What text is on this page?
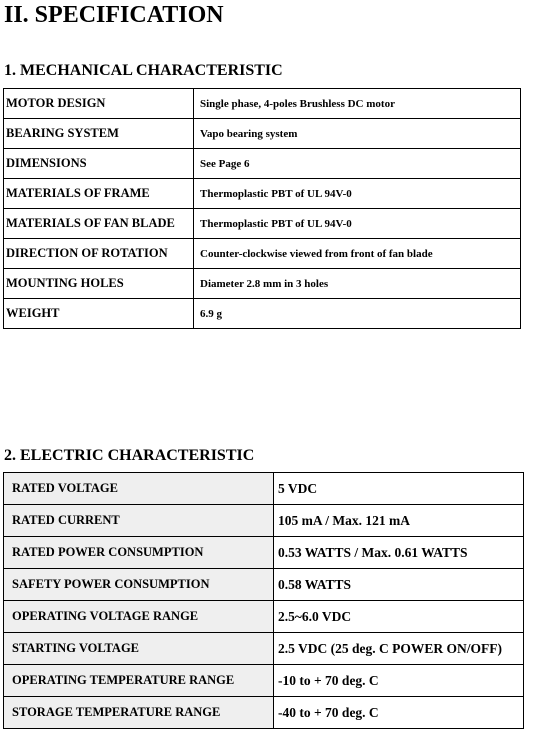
II. SPECIFICATION
1. MECHANICAL CHARACTERISTIC
MOTOR DESIGN	Single phase, 4-poles Brushless DC motor
BEARING SYSTEM	Vapo bearing system
DIMENSIONS	See Page 6
MATERIALS OF FRAME	Thermoplastic PBT of UL 94V-0
MATERIALS OF FAN BLADE	Thermoplastic PBT of UL 94V-0
DIRECTION OF ROTATION	Counter-clockwise viewed from front of fan blade
MOUNTING HOLES	Diameter 2.8 mm in 3 holes
WEIGHT	6.9 g
2. ELECTRIC CHARACTERISTIC
RATED VOLTAGE	5 VDC
RATED CURRENT	105 mA / Max. 121 mA
RATED POWER CONSUMPTION	0.53 WATTS / Max. 0.61 WATTS
SAFETY POWER CONSUMPTION	0.58 WATTS
OPERATING VOLTAGE RANGE	2.5~6.0 VDC
STARTING VOLTAGE	2.5 VDC (25 deg. C POWER ON/OFF)
OPERATING TEMPERATURE RANGE	-10 to + 70 deg. C
STORAGE TEMPERATURE RANGE	-40 to + 70 deg. C
